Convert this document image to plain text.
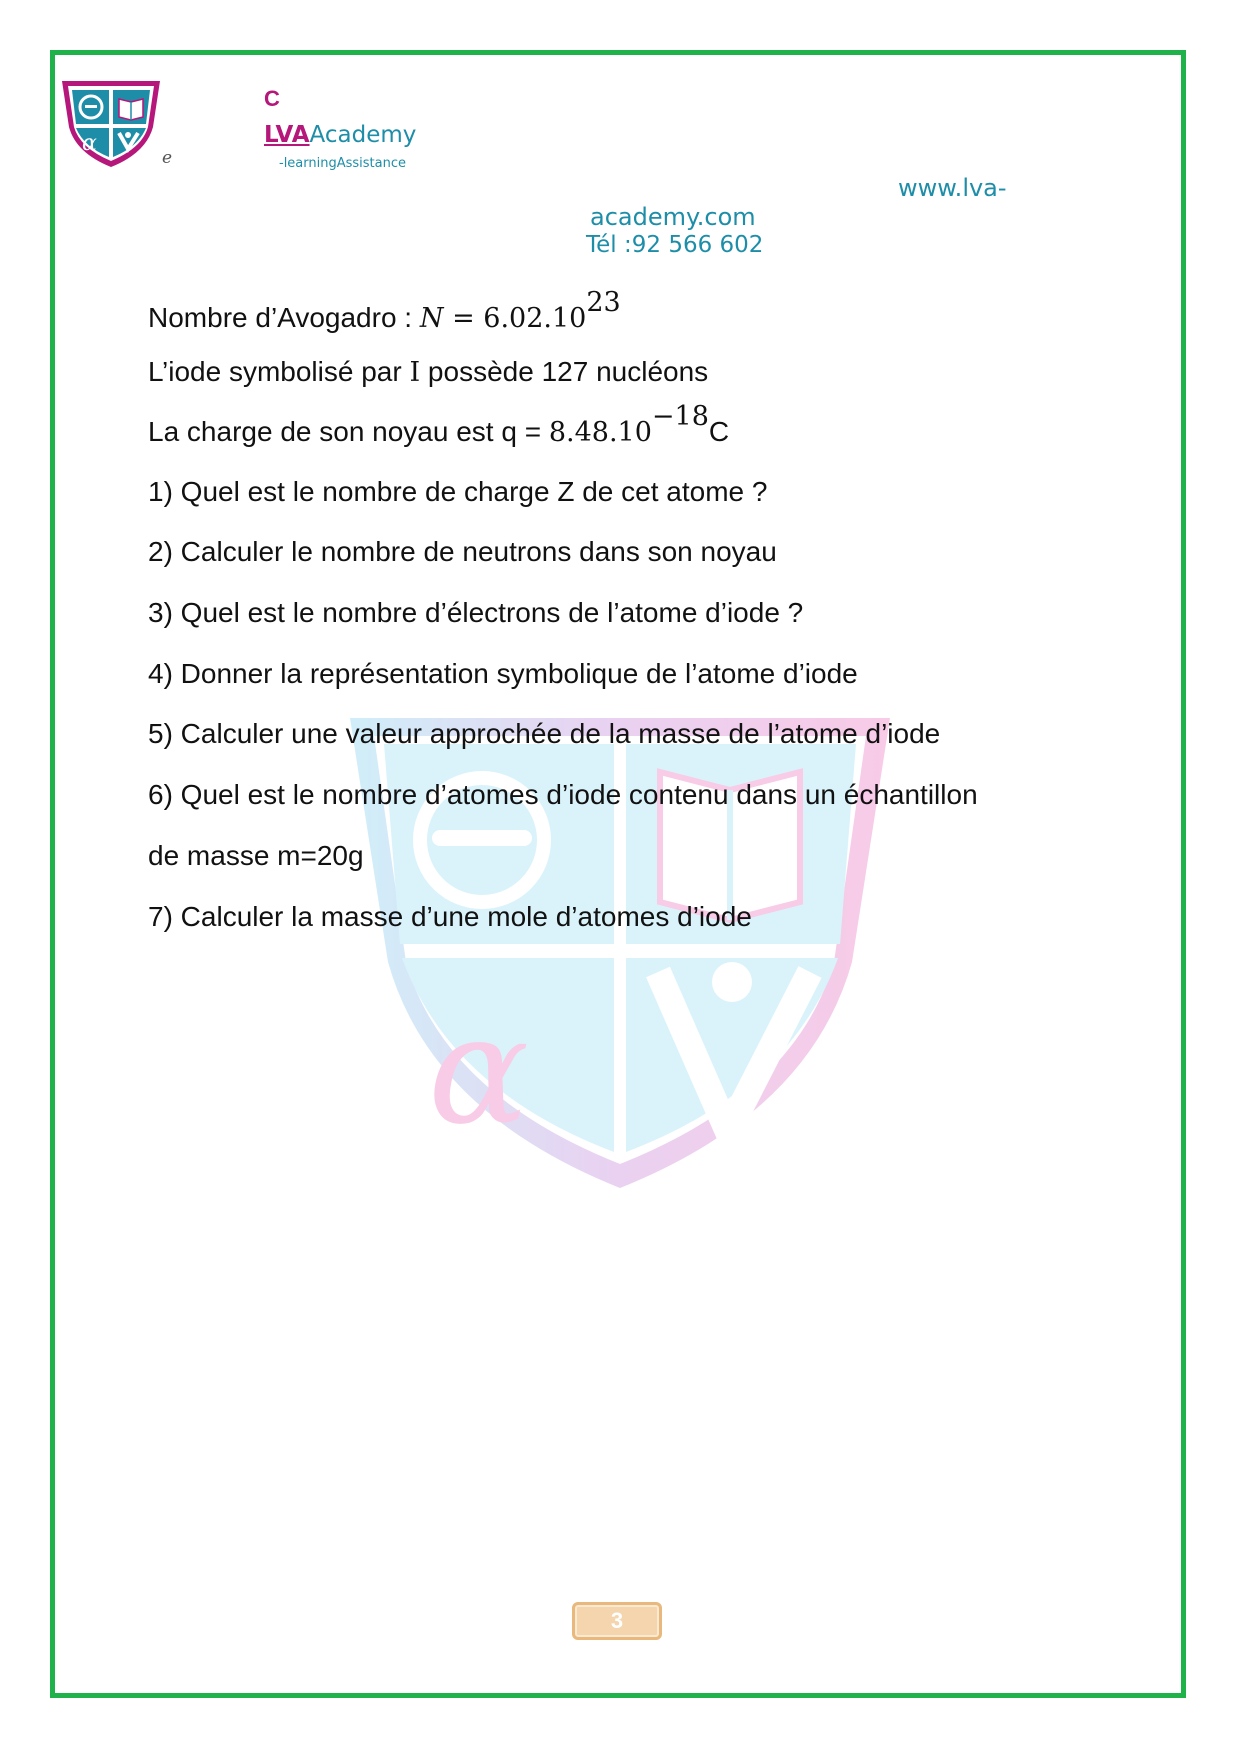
α
e
C
LVAAcademy
-learningAssistance
www.lva-
academy.com
Tél :92 566 602
α
Nombre d’Avogadro : $N = 6.02.10^{23}$
L’iode symbolisé par I possède 127 nucléons
La charge de son noyau est $q = 8.48.10^{-18}C$
1) Quel est le nombre de charge Z de cet atome ?
2) Calculer le nombre de neutrons dans son noyau
3) Quel est le nombre d’électrons de l’atome d’iode ?
4) Donner la représentation symbolique de l’atome d’iode
5) Calculer une valeur approchée de la masse de l’atome d’iode
6) Quel est le nombre d’atomes d’iode contenu dans un échantillon
de masse m=20g
7) Calculer la masse d’une mole d’atomes d’iode
3
